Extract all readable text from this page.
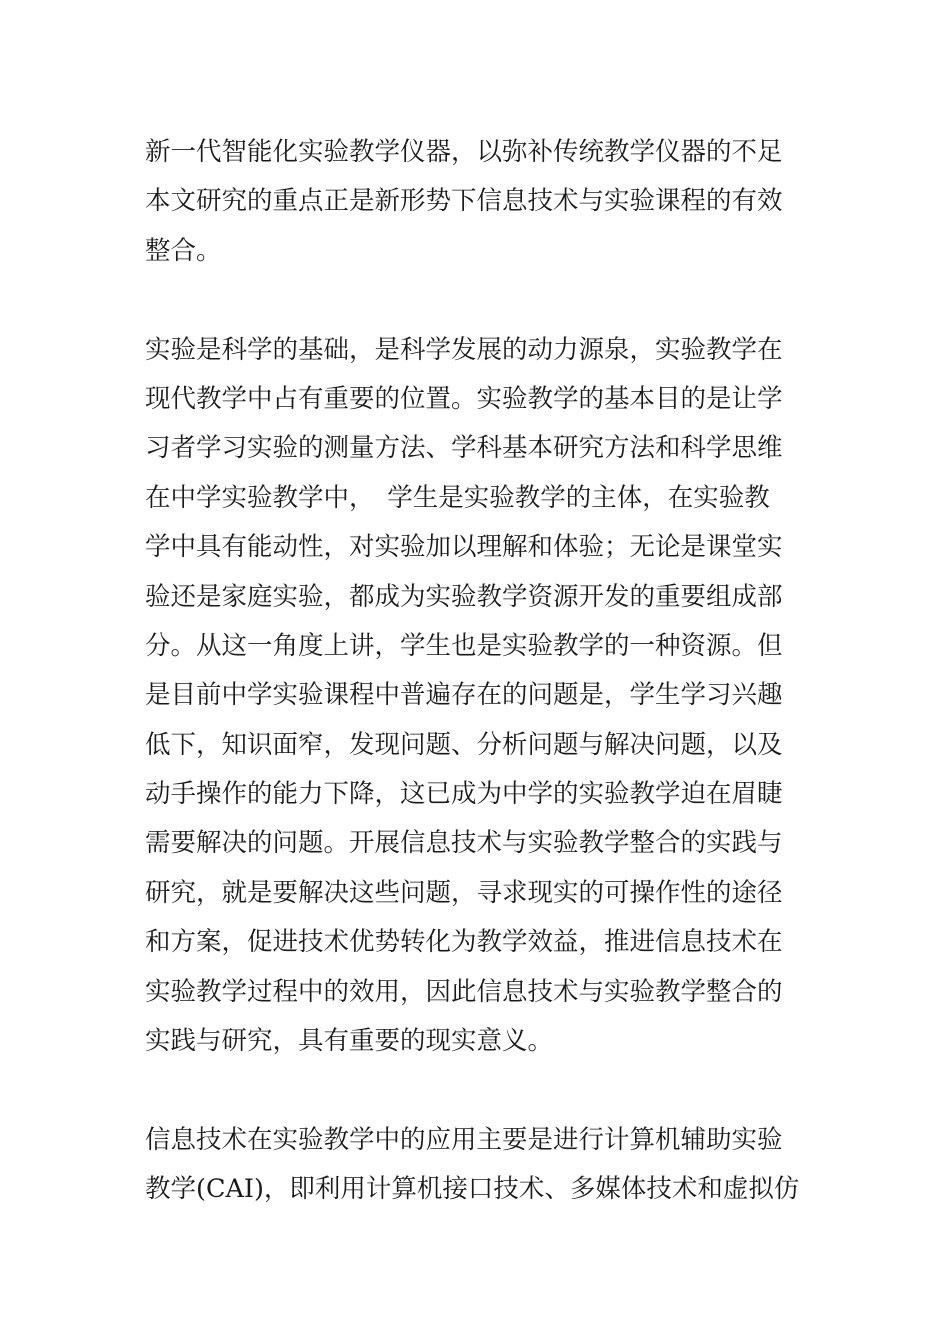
新一代智能化实验教学仪器，以弥补传统教学仪器的不足
本文研究的重点正是新形势下信息技术与实验课程的有效
整合。
实验是科学的基础，是科学发展的动力源泉，实验教学在
现代教学中占有重要的位置。实验教学的基本目的是让学
习者学习实验的测量方法、学科基本研究方法和科学思维
在中学实验教学中，　学生是实验教学的主体，在实验教
学中具有能动性，对实验加以理解和体验；无论是课堂实
验还是家庭实验，都成为实验教学资源开发的重要组成部
分。从这一角度上讲，学生也是实验教学的一种资源。但
是目前中学实验课程中普遍存在的问题是，学生学习兴趣
低下，知识面窄，发现问题、分析问题与解决问题，以及
动手操作的能力下降，这已成为中学的实验教学迫在眉睫
需要解决的问题。开展信息技术与实验教学整合的实践与
研究，就是要解决这些问题，寻求现实的可操作性的途径
和方案，促进技术优势转化为教学效益，推进信息技术在
实验教学过程中的效用，因此信息技术与实验教学整合的
实践与研究，具有重要的现实意义。
信息技术在实验教学中的应用主要是进行计算机辅助实验
教学(CAI)，即利用计算机接口技术、多媒体技术和虚拟仿
